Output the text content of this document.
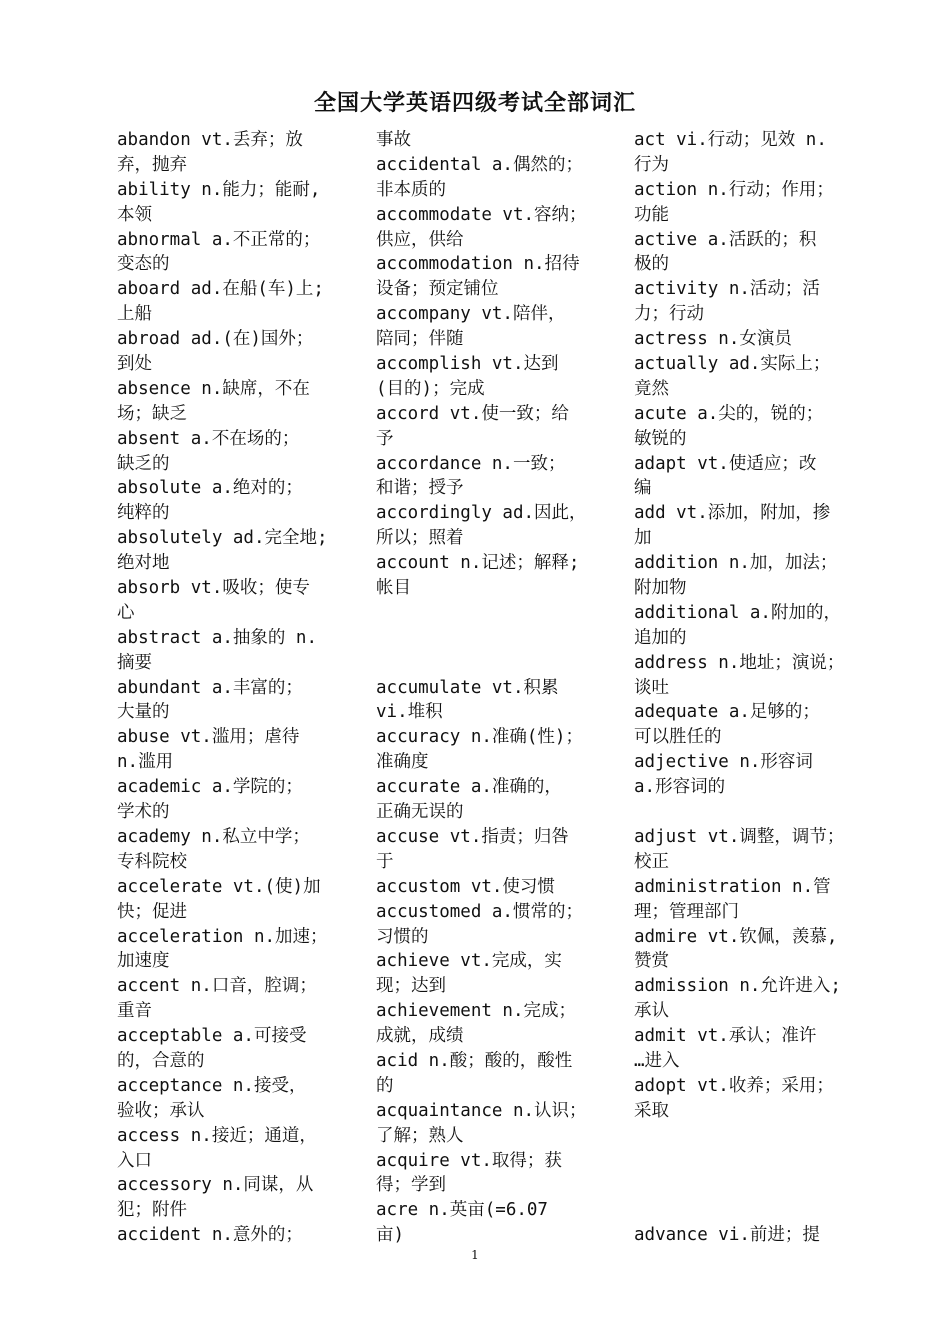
全国大学英语四级考试全部词汇
abandon vt.丢弃；放
弃，抛弃
ability n.能力；能耐,
本领
abnormal a.不正常的；
变态的
aboard ad.在船(车)上;
上船
abroad ad.(在)国外；
到处
absence n.缺席，不在
场；缺乏
absent a.不在场的；
缺乏的
absolute a.绝对的；
纯粹的
absolutely ad.完全地;
绝对地
absorb vt.吸收；使专
心
abstract a.抽象的 n.
摘要
abundant a.丰富的；
大量的
abuse vt.滥用；虐待
n.滥用
academic a.学院的；
学术的
academy n.私立中学；
专科院校
accelerate vt.(使)加
快；促进
acceleration n.加速；
加速度
accent n.口音，腔调；
重音
acceptable a.可接受
的，合意的
acceptance n.接受，
验收；承认
access n.接近；通道，
入口
accessory n.同谋，从
犯；附件
accident n.意外的；
事故
accidental a.偶然的；
非本质的
accommodate vt.容纳；
供应，供给
accommodation n.招待
设备；预定铺位
accompany vt.陪伴，
陪同；伴随
accomplish vt.达到
(目的)；完成
accord vt.使一致；给
予
accordance n.一致；
和谐；授予
accordingly ad.因此，
所以；照着
account n.记述；解释;
帐目
accumulate vt.积累
vi.堆积
accuracy n.准确(性)；
准确度
accurate a.准确的，
正确无误的
accuse vt.指责；归咎
于
accustom vt.使习惯
accustomed a.惯常的；
习惯的
achieve vt.完成，实
现；达到
achievement n.完成；
成就，成绩
acid n.酸；酸的，酸性
的
acquaintance n.认识；
了解；熟人
acquire vt.取得；获
得；学到
acre n.英亩(=6.07
亩)
act vi.行动；见效 n.
行为
action n.行动；作用；
功能
active a.活跃的；积
极的
activity n.活动；活
力；行动
actress n.女演员
actually ad.实际上；
竟然
acute a.尖的，锐的；
敏锐的
adapt vt.使适应；改
编
add vt.添加，附加，掺
加
addition n.加，加法；
附加物
additional a.附加的，
追加的
address n.地址；演说；
谈吐
adequate a.足够的；
可以胜任的
adjective n.形容词
a.形容词的
adjust vt.调整，调节；
校正
administration n.管
理；管理部门
admire vt.钦佩，羡慕,
赞赏
admission n.允许进入;
承认
admit vt.承认；准许
…进入
adopt vt.收养；采用；
采取
advance vi.前进；提
1
